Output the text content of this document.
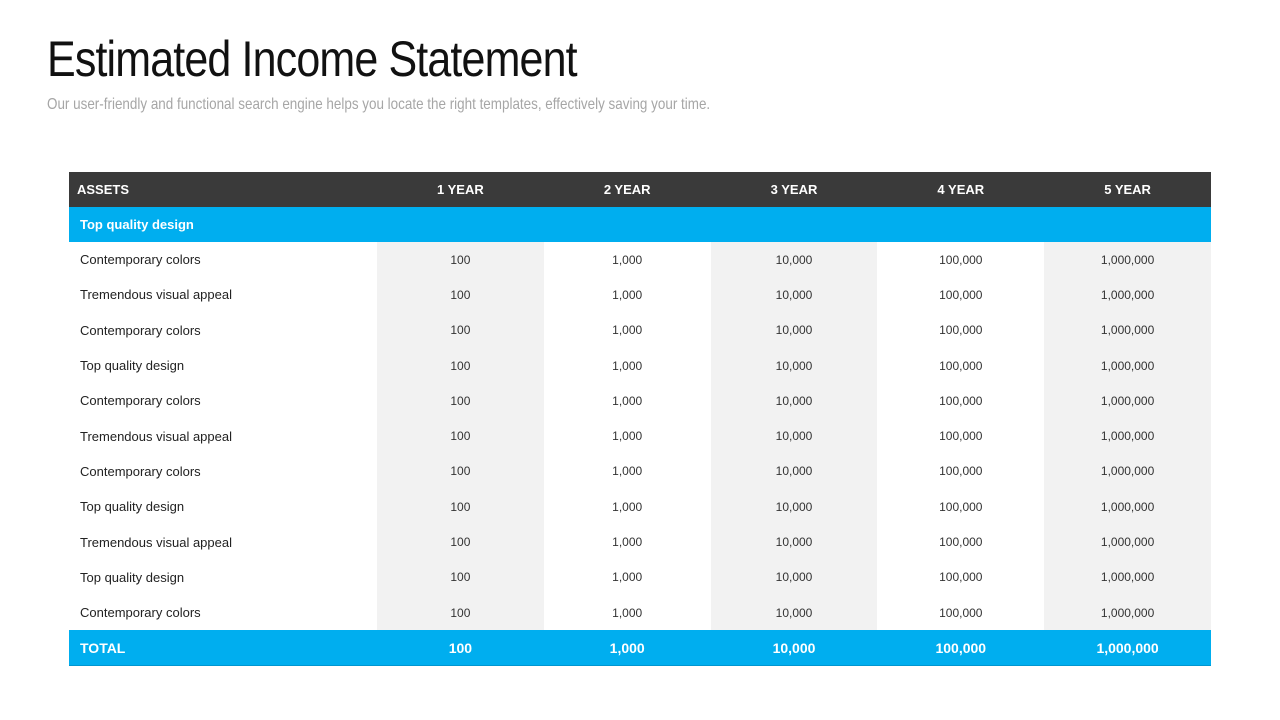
Estimated Income Statement

Our user-friendly and functional search engine helps you locate the right templates, effectively saving your time.

ASSETS	1 YEAR	2 YEAR	3 YEAR	4 YEAR	5 YEAR
Top quality design					
Contemporary colors	100	1,000	10,000	100,000	1,000,000
Tremendous visual appeal	100	1,000	10,000	100,000	1,000,000
Contemporary colors	100	1,000	10,000	100,000	1,000,000
Top quality design	100	1,000	10,000	100,000	1,000,000
Contemporary colors	100	1,000	10,000	100,000	1,000,000
Tremendous visual appeal	100	1,000	10,000	100,000	1,000,000
Contemporary colors	100	1,000	10,000	100,000	1,000,000
Top quality design	100	1,000	10,000	100,000	1,000,000
Tremendous visual appeal	100	1,000	10,000	100,000	1,000,000
Top quality design	100	1,000	10,000	100,000	1,000,000
Contemporary colors	100	1,000	10,000	100,000	1,000,000
TOTAL	100	1,000	10,000	100,000	1,000,000
